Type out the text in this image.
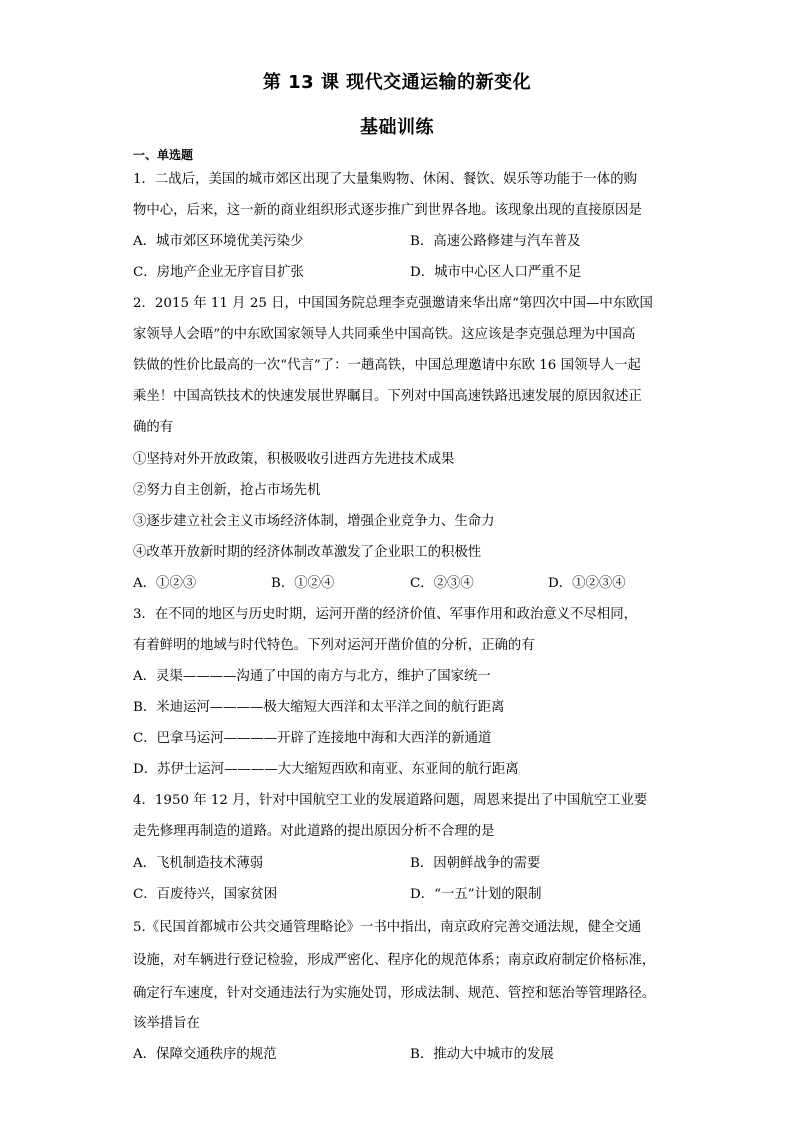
第 13 课 现代交通运输的新变化
基础训练
一、单选题
1．二战后，美国的城市郊区出现了大量集购物、休闲、餐饮、娱乐等功能于一体的购
物中心，后来，这一新的商业组织形式逐步推广到世界各地。该现象出现的直接原因是
A．城市郊区环境优美污染少	B．高速公路修建与汽车普及
C．房地产企业无序盲目扩张	D．城市中心区人口严重不足
2．2015 年 11 月 25 日，中国国务院总理李克强邀请来华出席“第四次中国—中东欧国
家领导人会晤”的中东欧国家领导人共同乘坐中国高铁。这应该是李克强总理为中国高
铁做的性价比最高的一次“代言”了：一趟高铁，中国总理邀请中东欧 16 国领导人一起
乘坐！中国高铁技术的快速发展世界瞩目。下列对中国高速铁路迅速发展的原因叙述正
确的有
①坚持对外开放政策，积极吸收引进西方先进技术成果
②努力自主创新，抢占市场先机
③逐步建立社会主义市场经济体制，增强企业竞争力、生命力
④改革开放新时期的经济体制改革激发了企业职工的积极性
A．①②③	B．①②④	C．②③④	D．①②③④
3．在不同的地区与历史时期，运河开凿的经济价值、军事作用和政治意义不尽相同，
有着鲜明的地域与时代特色。下列对运河开凿价值的分析，正确的有
A．灵渠————沟通了中国的南方与北方，维护了国家统一
B．米迪运河————极大缩短大西洋和太平洋之间的航行距离
C．巴拿马运河————开辟了连接地中海和大西洋的新通道
D．苏伊士运河————大大缩短西欧和南亚、东亚间的航行距离
4．1950 年 12 月，针对中国航空工业的发展道路问题，周恩来提出了中国航空工业要
走先修理再制造的道路。对此道路的提出原因分析不合理的是
A．飞机制造技术薄弱	B．因朝鲜战争的需要
C．百废待兴，国家贫困	D．“一五”计划的限制
5.《民国首都城市公共交通管理略论》一书中指出，南京政府完善交通法规，健全交通
设施，对车辆进行登记检验，形成严密化、程序化的规范体系；南京政府制定价格标准，
确定行车速度，针对交通违法行为实施处罚，形成法制、规范、管控和惩治等管理路径。
该举措旨在
A．保障交通秩序的规范	B．推动大中城市的发展
